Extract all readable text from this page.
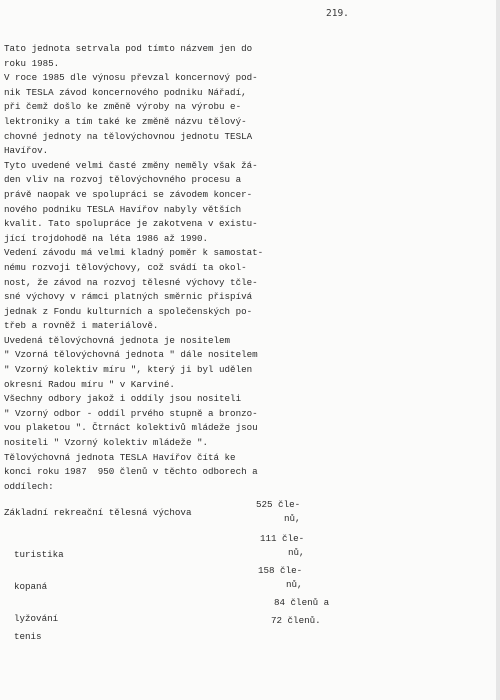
219.
Tato jednota setrvala pod tímto názvem jen do
roku 1985.
V roce 1985 dle výnosu převzal koncernový pod-
nik TESLA závod koncernového podniku Nářadí,
při čemž došlo ke změně výroby na výrobu e-
lektroniky a tím také ke změně názvu tělový-
chovné jednoty na tělovýchovnou jednotu TESLA
Havířov.
Tyto uvedené velmi časté změny neměly však žá-
den vliv na rozvoj tělovýchovného procesu a
právě naopak ve spolupráci se závodem koncer-
nového podniku TESLA Havířov nabyly větších
kvalit. Tato spolupráce je zakotvena v existu-
jící trojdohodě na léta 1986 až 1990.
Vedení závodu má velmi kladný poměr k samostat-
nému rozvoji tělovýchovy, což svádí ta okol-
nost, že závod na rozvoj tělesné výchovy tčle-
sné výchovy v rámci platných směrnic přispívá
jednak z Fondu kulturních a společenských po-
třeb a rovněž i materiálově.
Uvedená tělovýchovná jednota je nositelem
" Vzorná tělovýchovná jednota " dále nositelem
" Vzorný kolektiv míru ", který ji byl udělen
okresní Radou míru " v Karviné.
Všechny odbory jakož i oddíly jsou nositeli
" Vzorný odbor - oddíl prvého stupně a bronzo-
vou plaketou ". Čtrnáct kolektivů mládeže jsou
nositeli " Vzorný kolektiv mládeže ".
Tělovýchovná jednota TESLA Havířov čítá ke
konci roku 1987  950 členů v těchto odborech a
oddílech:
Základní rekreační tělesná výchova
525 čle-
nů,
turistika
111 čle-
nů,
kopaná
158 čle-
nů,
lyžování
84 členů a
tenis
72 členů.
